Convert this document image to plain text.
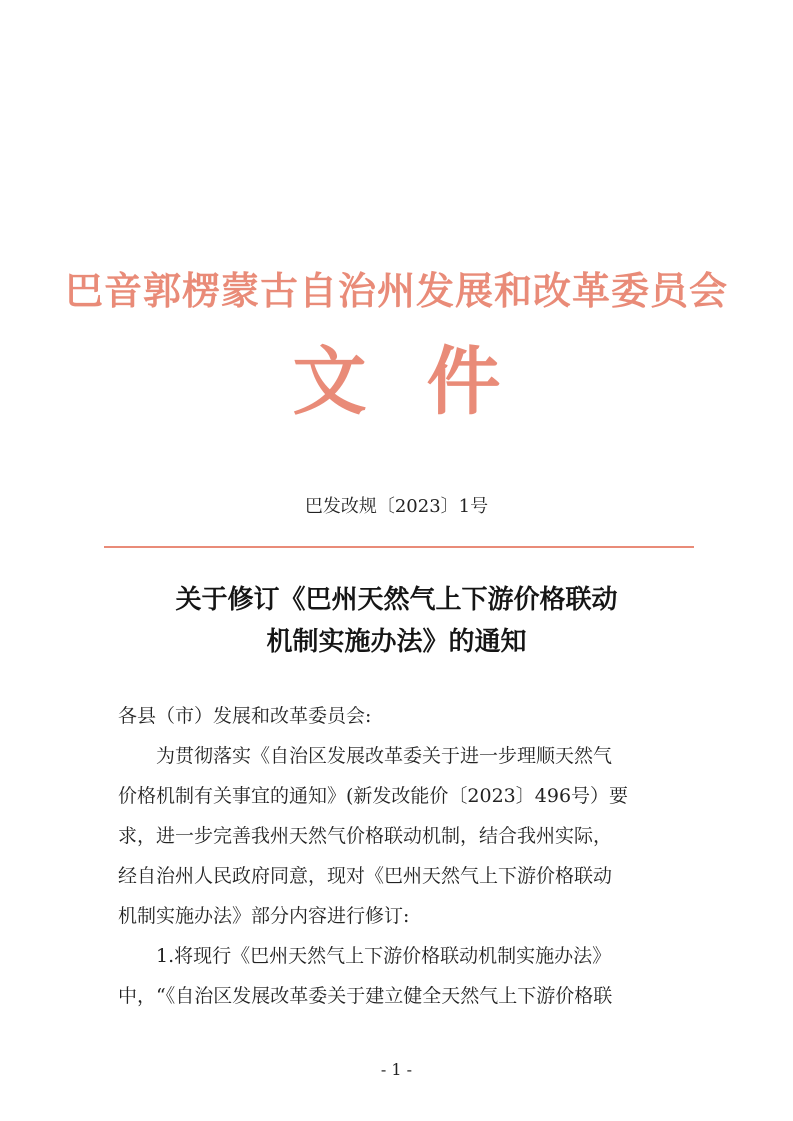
巴音郭楞蒙古自治州发展和改革委员会
文件
巴发改规〔2023〕1号
关于修订《巴州天然气上下游价格联动
机制实施办法》的通知
各县（市）发展和改革委员会:
为贯彻落实《自治区发展改革委关于进一步理顺天然气
价格机制有关事宜的通知》(新发改能价〔2023〕496号）要
求，进一步完善我州天然气价格联动机制，结合我州实际，
经自治州人民政府同意，现对《巴州天然气上下游价格联动
机制实施办法》部分内容进行修订:
1.将现行《巴州天然气上下游价格联动机制实施办法》
中，“《自治区发展改革委关于建立健全天然气上下游价格联
- 1 -
